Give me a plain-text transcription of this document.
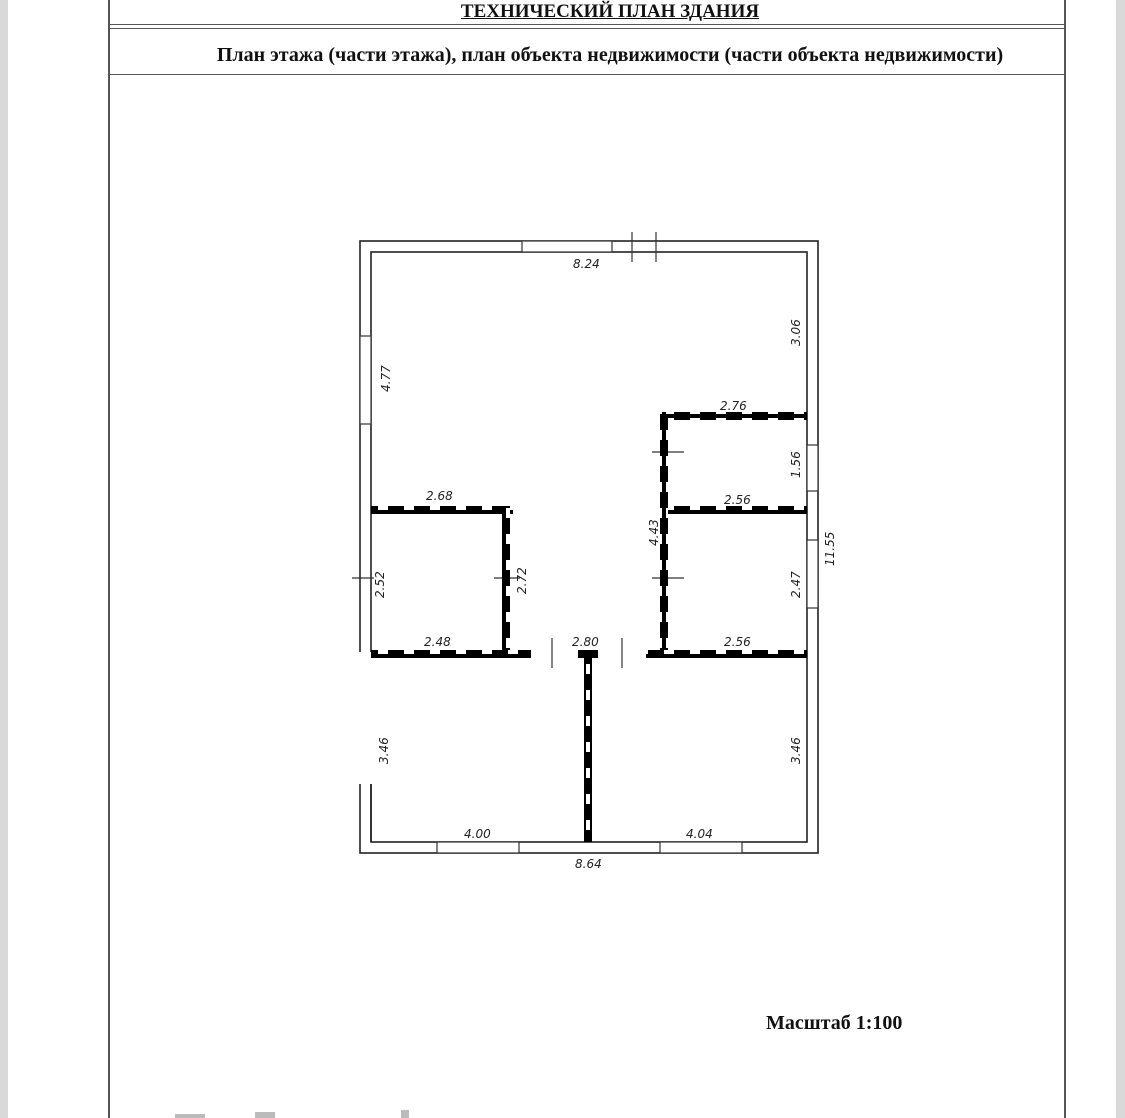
ТЕХНИЧЕСКИЙ ПЛАН ЗДАНИЯ
План этажа (части этажа), план объекта недвижимости (части объекта недвижимости)
8.24
8.64
11.55
4.77
3.06
2.76
1.56
2.56
4.43
2.47
2.56
2.68
2.52	2.72
2.48	2.80
3.46	3.46
4.00	4.04
Масштаб 1:100
